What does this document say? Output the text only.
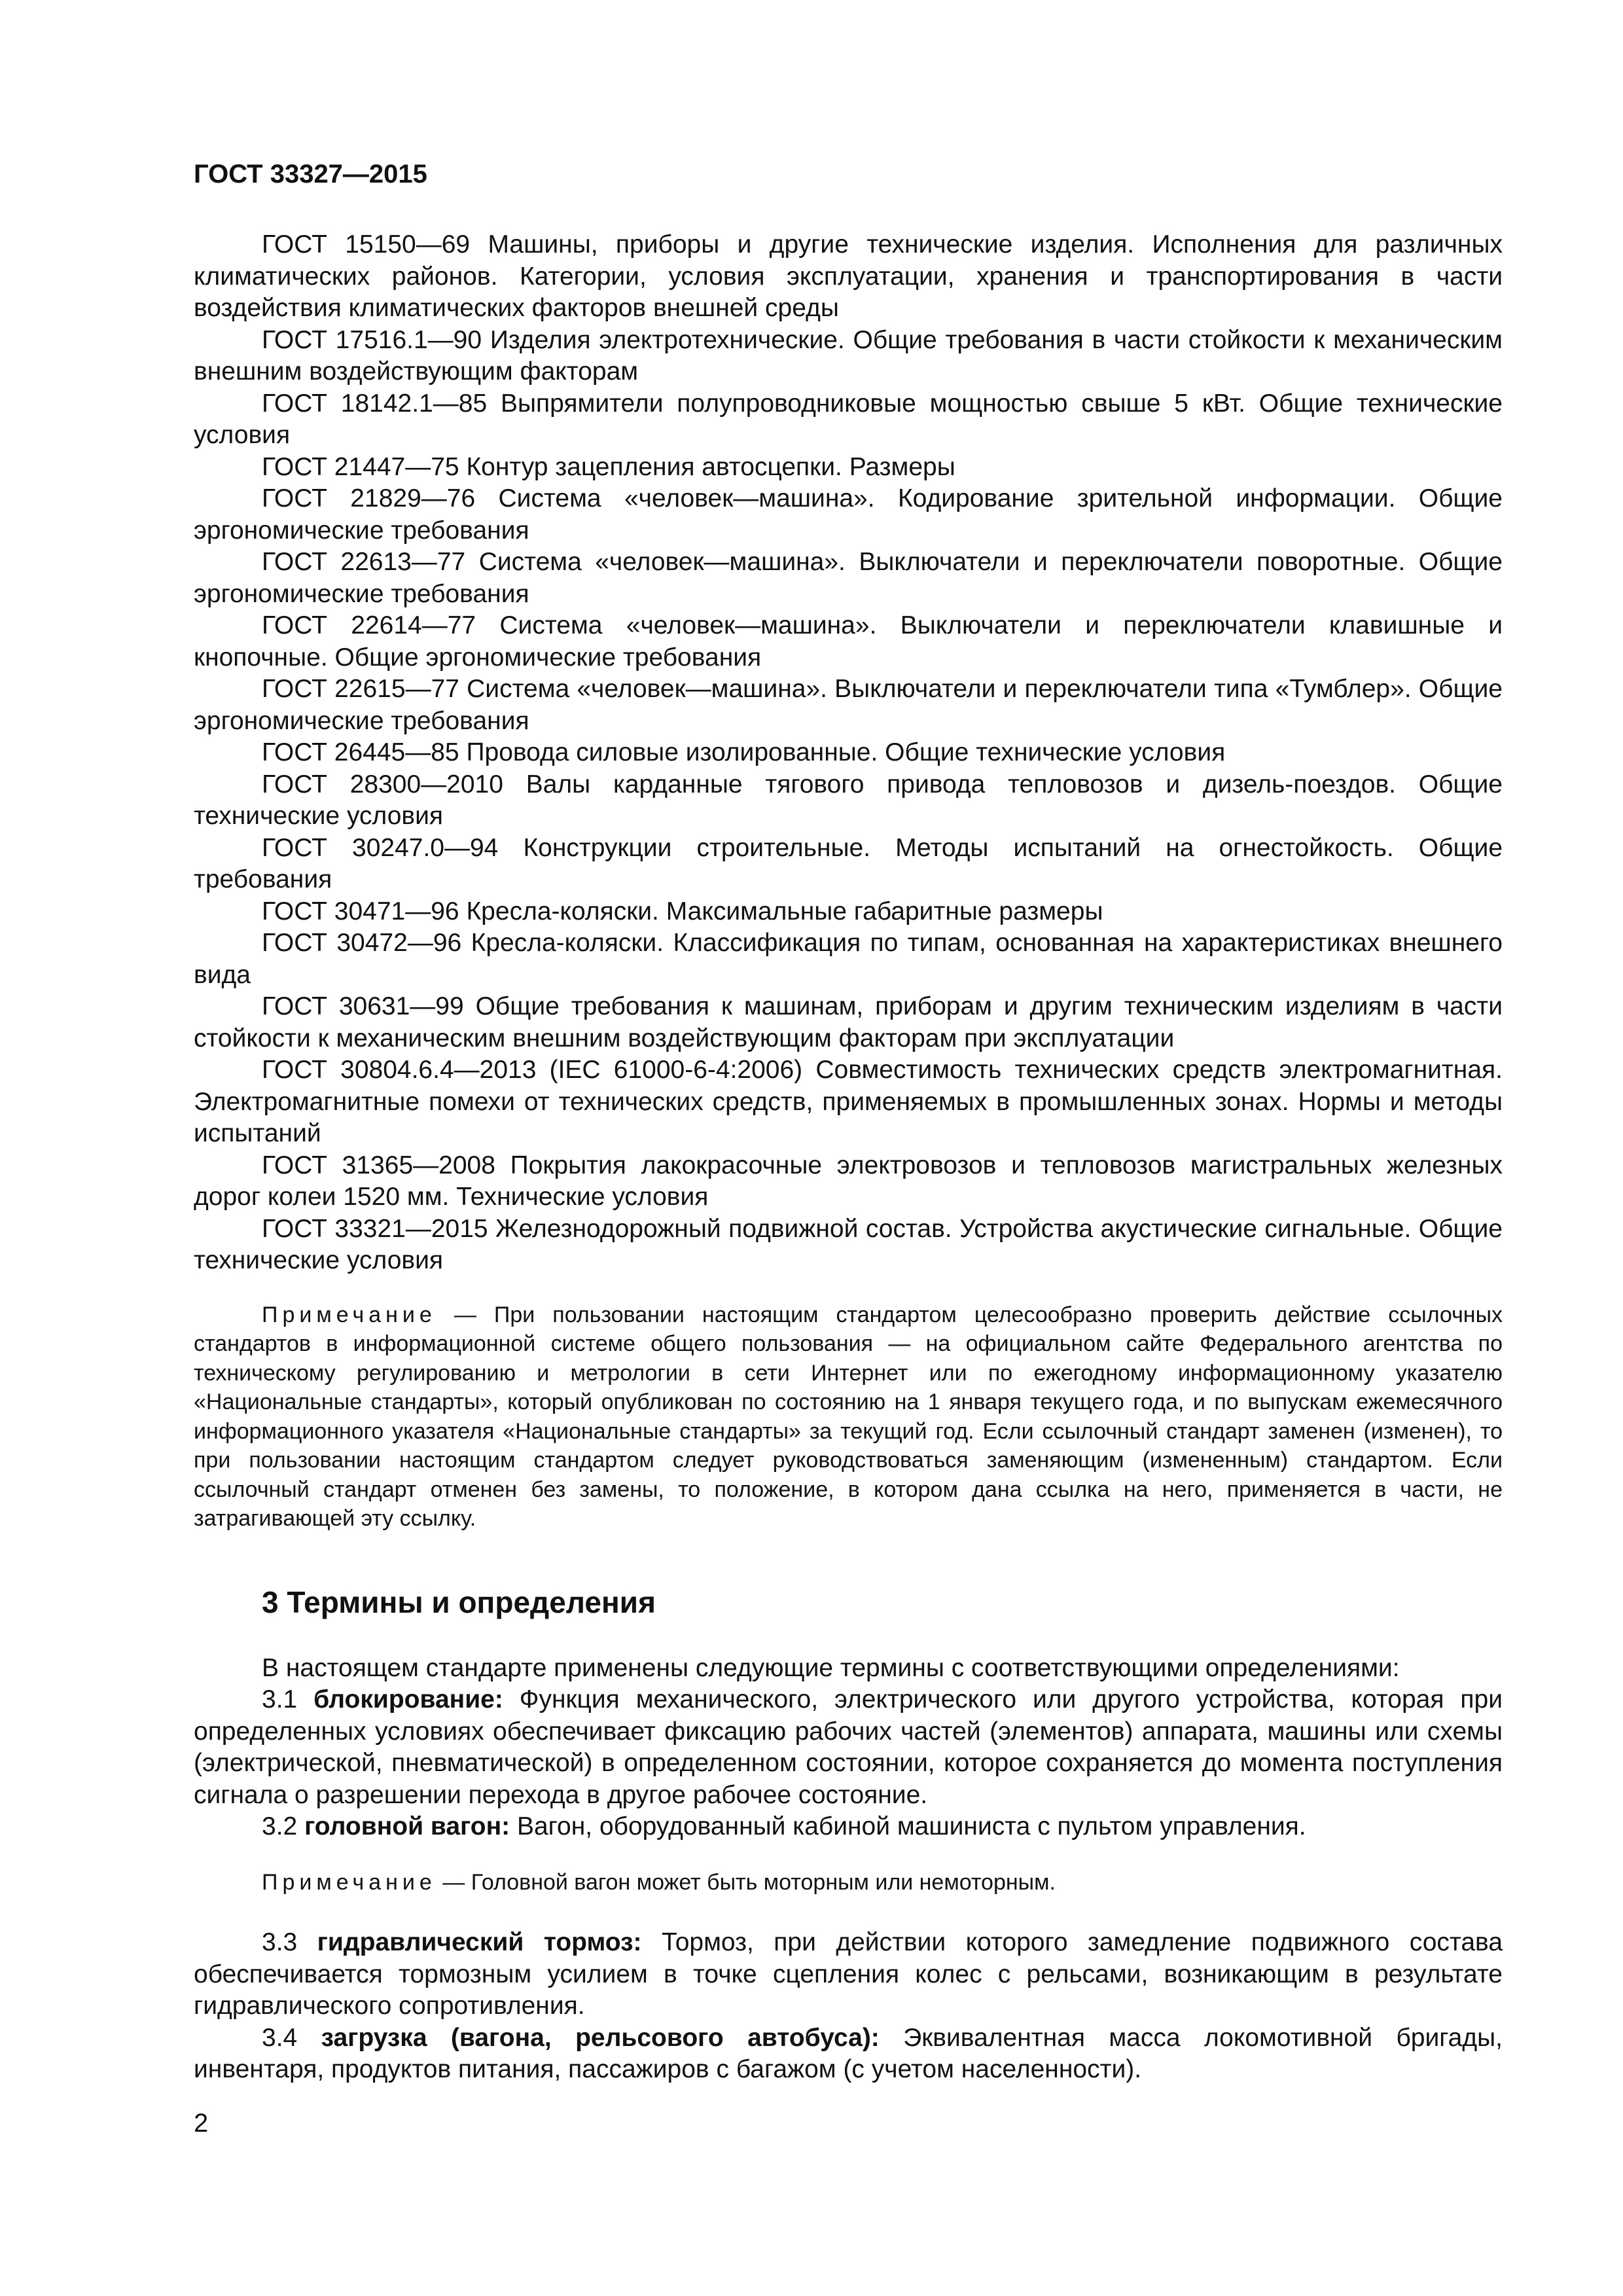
ГОСТ 33327—2015

ГОСТ 15150—69 Машины, приборы и другие технические изделия. Исполнения для различных климатических районов. Категории, условия эксплуатации, хранения и транспортирования в части воздействия климатических факторов внешней среды

ГОСТ 17516.1—90 Изделия электротехнические. Общие требования в части стойкости к механическим внешним воздействующим факторам

ГОСТ 18142.1—85 Выпрямители полупроводниковые мощностью свыше 5 кВт. Общие технические условия

ГОСТ 21447—75 Контур зацепления автосцепки. Размеры

ГОСТ 21829—76 Система «человек—машина». Кодирование зрительной информации. Общие эргономические требования

ГОСТ 22613—77 Система «человек—машина». Выключатели и переключатели поворотные. Общие эргономические требования

ГОСТ 22614—77 Система «человек—машина». Выключатели и переключатели клавишные и кнопочные. Общие эргономические требования

ГОСТ 22615—77 Система «человек—машина». Выключатели и переключатели типа «Тумблер». Общие эргономические требования

ГОСТ 26445—85 Провода силовые изолированные. Общие технические условия

ГОСТ 28300—2010 Валы карданные тягового привода тепловозов и дизель-поездов. Общие технические условия

ГОСТ 30247.0—94 Конструкции строительные. Методы испытаний на огнестойкость. Общие требования

ГОСТ 30471—96 Кресла-коляски. Максимальные габаритные размеры

ГОСТ 30472—96 Кресла-коляски. Классификация по типам, основанная на характеристиках внешнего вида

ГОСТ 30631—99 Общие требования к машинам, приборам и другим техническим изделиям в части стойкости к механическим внешним воздействующим факторам при эксплуатации

ГОСТ 30804.6.4—2013 (IEC 61000-6-4:2006) Совместимость технических средств электромагнитная. Электромагнитные помехи от технических средств, применяемых в промышленных зонах. Нормы и методы испытаний

ГОСТ 31365—2008 Покрытия лакокрасочные электровозов и тепловозов магистральных железных дорог колеи 1520 мм. Технические условия

ГОСТ 33321—2015 Железнодорожный подвижной состав. Устройства акустические сигнальные. Общие технические условия

Примечание — При пользовании настоящим стандартом целесообразно проверить действие ссылочных стандартов в информационной системе общего пользования — на официальном сайте Федерального агентства по техническому регулированию и метрологии в сети Интернет или по ежегодному информационному указателю «Национальные стандарты», который опубликован по состоянию на 1 января текущего года, и по выпускам ежемесячного информационного указателя «Национальные стандарты» за текущий год. Если ссылочный стандарт заменен (изменен), то при пользовании настоящим стандартом следует руководствоваться заменяющим (измененным) стандартом. Если ссылочный стандарт отменен без замены, то положение, в котором дана ссылка на него, применяется в части, не затрагивающей эту ссылку.

3 Термины и определения

В настоящем стандарте применены следующие термины с соответствующими определениями:

3.1 блокирование: Функция механического, электрического или другого устройства, которая при определенных условиях обеспечивает фиксацию рабочих частей (элементов) аппарата, машины или схемы (электрической, пневматической) в определенном состоянии, которое сохраняется до момента поступления сигнала о разрешении перехода в другое рабочее состояние.

3.2 головной вагон: Вагон, оборудованный кабиной машиниста с пультом управления.

Примечание — Головной вагон может быть моторным или немоторным.

3.3 гидравлический тормоз: Тормоз, при действии которого замедление подвижного состава обеспечивается тормозным усилием в точке сцепления колес с рельсами, возникающим в результате гидравлического сопротивления.

3.4 загрузка (вагона, рельсового автобуса): Эквивалентная масса локомотивной бригады, инвентаря, продуктов питания, пассажиров с багажом (с учетом населенности).

2
